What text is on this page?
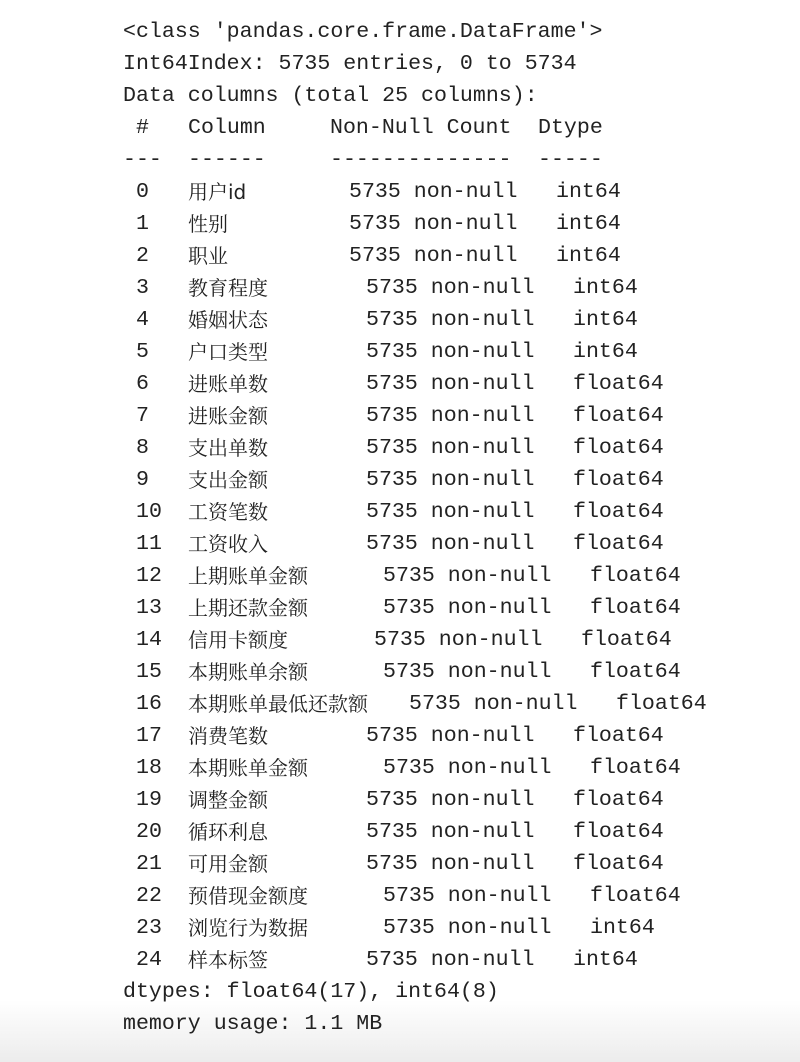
<class 'pandas.core.frame.DataFrame'>
Int64Index: 5735 entries, 0 to 5734
Data columns (total 25 columns):
# Column	Non-Null Count Dtype
--- ------	-------------- -----
0 用户id	5735 non-null int64
1 性别	5735 non-null int64
2 职业	5735 non-null int64
3 教育程度	5735 non-null int64
4 婚姻状态	5735 non-null int64
5 户口类型	5735 non-null int64
6 进账单数	5735 non-null float64
7 进账金额	5735 non-null float64
8 支出单数	5735 non-null float64
9 支出金额	5735 non-null float64
10 工资笔数	5735 non-null float64
11 工资收入	5735 non-null float64
12 上期账单金额	5735 non-null float64
13 上期还款金额	5735 non-null float64
14 信用卡额度	5735 non-null float64
15 本期账单余额	5735 non-null float64
16 本期账单最低还款额 5735 non-null float64
17 消费笔数	5735 non-null float64
18 本期账单金额	5735 non-null float64
19 调整金额	5735 non-null float64
20 循环利息	5735 non-null float64
21 可用金额	5735 non-null float64
22 预借现金额度	5735 non-null float64
23 浏览行为数据	5735 non-null int64
24 样本标签	5735 non-null int64
dtypes: float64(17), int64(8)
memory usage: 1.1 MB
